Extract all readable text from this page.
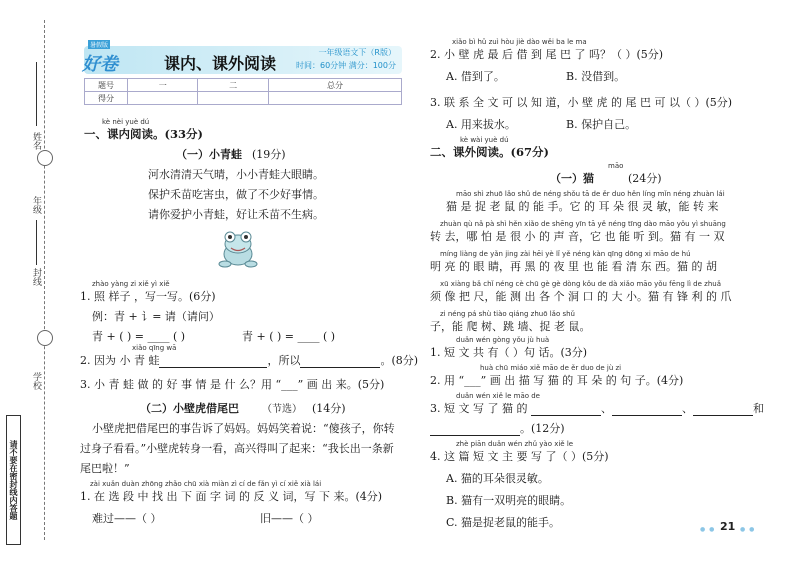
姓名
年级
封线
学校
请不要在密封线内答题
暑假版
好卷	课内、课外阅读
一年级语文下（R版）
时间：60分钟 满分：100分
题号	一	二	总分
得分			
kè nèi yuè dú
一、课内阅读。(33分)
（一）小青蛙 (19分)
河水清清天气晴，小小青蛙大眼睛。
保护禾苗吃害虫，做了不少好事情。
请你爱护小青蛙，好让禾苗不生病。
zhào yàng zi xiě yì xiě
1. 照 样子 ，写一写。(6分)
例：青 + 讠= 请（请问）
青 + ( ) = ____ ( )	青 + ( ) = ____ ( )
xiǎo qīng wā
2. 因为 小 青 蛙	，所以	。(8分)
3. 小 青 蛙 做 的 好 事 情 是 什 么？用 “___” 画 出 来。(5分)
（二）小壁虎借尾巴 （节选） (14分)
小壁虎把借尾巴的事告诉了妈妈。妈妈笑着说：“傻孩子，你转
过身子看看。”小壁虎转身一看，高兴得叫了起来：“我长出一条新
尾巴啦！”
zài xuǎn duàn zhōng zhǎo chū xià miàn zì cí de fǎn yì cí xiě xià lái
1. 在 选 段 中 找 出 下 面 字 词 的 反 义 词，写 下 来。(4分)
难过——（ ）	旧——（ ）
xiǎo bì hǔ zuì hòu jiè dào wěi ba le ma
2. 小 壁 虎 最 后 借 到 尾 巴 了 吗？（ ）(5分)
A. 借到了。	B. 没借到。
3. 联 系 全 文 可 以 知 道，小 壁 虎 的 尾 巴 可 以（ ）(5分)
A. 用来拔水。	B. 保护自己。
kè wài yuè dú
二、课外阅读。(67分)
māo
（一）猫	(24分)
māo shì zhuō lǎo shǔ de néng shǒu tā de ěr duo hěn líng mǐn néng zhuàn lái
猫 是 捉 老 鼠 的 能 手。它 的 耳 朵 很 灵 敏，能 转 来
zhuàn qù nǎ pà shì hěn xiǎo de shēng yīn tā yě néng tīng dào māo yǒu yì shuāng
转 去，哪 怕 是 很 小 的 声 音，它 也 能 听 到。猫 有 一 双
míng liàng de yǎn jing zài hēi yè lǐ yě néng kàn qīng dōng xi māo de hú
明 亮 的 眼 睛，再 黑 的 夜 里 也 能 看 清 东 西。猫 的 胡
xū xiàng bǎ chǐ néng cè chū gè gè dòng kǒu de dà xiǎo māo yǒu fēng lì de zhuǎ
须 像 把 尺，能 测 出 各 个 洞 口 的 大 小。猫 有 锋 利 的 爪
zi néng pá shù tiào qiáng zhuō lǎo shǔ
子，能 爬 树、跳 墙、捉 老 鼠。
duǎn wén gòng yǒu jù huà
1. 短 文 共 有（ ）句 话。(3分)
huà chū miáo xiě māo de ěr duo de jù zi
2. 用 “___” 画 出 描 写 猫 的 耳 朵 的 句 子。(4分)
duǎn wén xiě le māo de
3. 短 文 写 了 猫 的	、	、	和
。(12分)
zhè piān duǎn wén zhǔ yào xiě le
4. 这 篇 短 文 主 要 写 了（ ）(5分)
A. 猫的耳朵很灵敏。
B. 猫有一双明亮的眼睛。
C. 猫是捉老鼠的能手。
● ● 21 ● ●
